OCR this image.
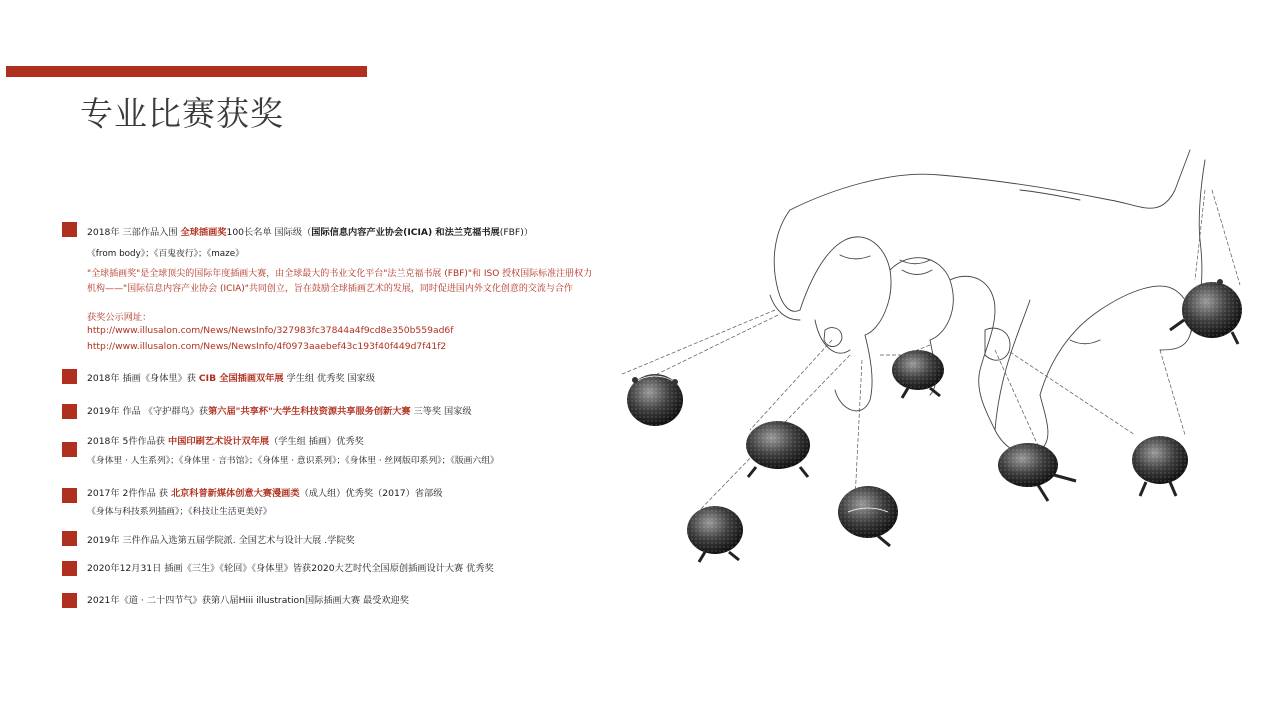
专业比赛获奖
2018年 三部作品入围 全球插画奖100长名单 国际级（国际信息内容产业协会(ICIA) 和法兰克福书展(FBF)）
《from body》；《百鬼夜行》；《maze》
"全球插画奖"是全球顶尖的国际年度插画大赛，由全球最大的书业文化平台"法兰克福书展 (FBF)"和 ISO 授权国际标准注册权力
机构——"国际信息内容产业协会 (ICIA)"共同创立，旨在鼓励全球插画艺术的发展，同时促进国内外文化创意的交流与合作
获奖公示网址：
http://www.illusalon.com/News/NewsInfo/327983fc37844a4f9cd8e350b559ad6f
http://www.illusalon.com/News/NewsInfo/4f0973aaebef43c193f40f449d7f41f2
2018年 插画《身体里》获 CIB 全国插画双年展 学生组 优秀奖 国家级
2019年 作品 《守护群鸟》获第六届"共享杯"大学生科技资源共享服务创新大赛 三等奖 国家级
2018年 5件作品获 中国印刷艺术设计双年展（学生组 插画）优秀奖
《身体里 · 人生系列》；《身体里 · 言书馆》；《身体里 · 意识系列》；《身体里 · 丝网版印系列》；《版画六组》
2017年 2件作品 获 北京科普新媒体创意大赛漫画类（成人组）优秀奖（2017）省部级
《身体与科技系列插画》；《科技让生活更美好》
2019年 三件作品入选第五届学院派. 全国艺术与设计大展 .学院奖
2020年12月31日 插画《三生》《轮回》《身体里》皆获2020大艺时代全国原创插画设计大赛 优秀奖
2021年《道 · 二十四节气》获第八届Hiii illustration国际插画大赛 最受欢迎奖
